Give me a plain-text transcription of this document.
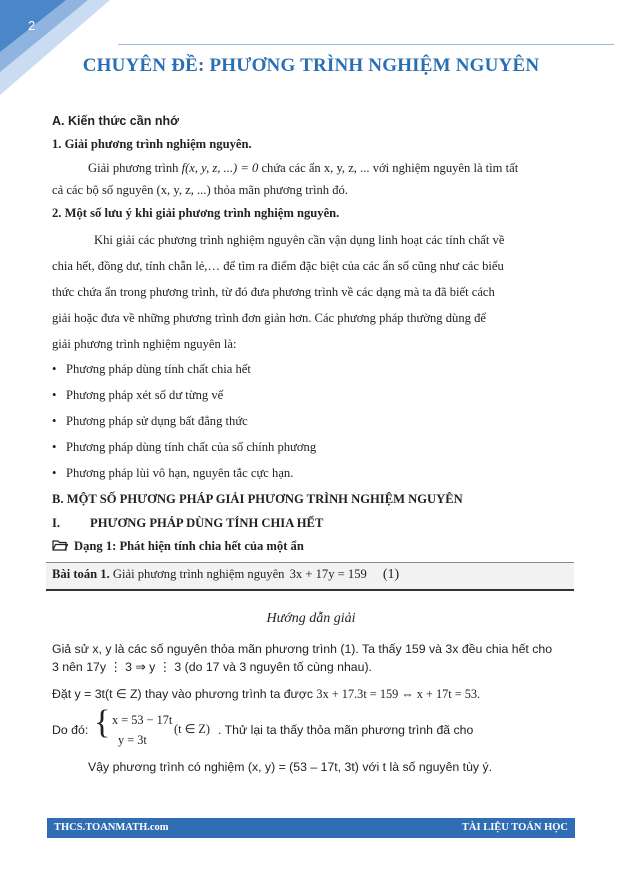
2
CHUYÊN ĐỀ: PHƯƠNG TRÌNH NGHIỆM NGUYÊN
A. Kiến thức cần nhớ
1. Giải phương trình nghiệm nguyên.
Giải phương trình f(x, y, z, ...) = 0 chứa các ẩn x, y, z, ... với nghiệm nguyên là tìm tất
cả các bộ số nguyên (x, y, z, ...) thỏa mãn phương trình đó.
2. Một số lưu ý khi giải phương trình nghiệm nguyên.
Khi giải các phương trình nghiệm nguyên cần vận dụng linh hoạt các tính chất về
chia hết, đồng dư, tính chẵn lẻ,… để tìm ra điểm đặc biệt của các ẩn số cũng như các biểu
thức chứa ẩn trong phương trình, từ đó đưa phương trình về các dạng mà ta đã biết cách
giải hoặc đưa về những phương trình đơn giản hơn. Các phương pháp thường dùng để
giải phương trình nghiệm nguyên là:
• Phương pháp dùng tính chất chia hết
• Phương pháp xét số dư từng vế
• Phương pháp sử dụng bất đẳng thức
• Phương pháp dùng tính chất của số chính phương
• Phương pháp lùi vô hạn, nguyên tắc cực hạn.
B. MỘT SỐ PHƯƠNG PHÁP GIẢI PHƯƠNG TRÌNH NGHIỆM NGUYÊN
I. PHƯƠNG PHÁP DÙNG TÍNH CHIA HẾT
Dạng 1: Phát hiện tính chia hết của một ẩn
Bài toán 1. Giải phương trình nghiệm nguyên 3x + 17y = 159 (1)
Hướng dẫn giải
Giả sử x, y là các số nguyên thỏa mãn phương trình (1). Ta thấy 159 và 3x đều chia hết cho
3 nên 17y ⋮ 3 ⇒ y ⋮ 3 (do 17 và 3 nguyên tố cùng nhau).
Đặt y = 3t(t ∈ Z) thay vào phương trình ta được 3x + 17.3t = 159 ⇔ x + 17t = 53.
Do đó: { x = 53 − 17t
y = 3t
(t ∈ Z) . Thử lại ta thấy thỏa mãn phương trình đã cho
Vậy phương trình có nghiệm (x, y) = (53 – 17t, 3t) với t là số nguyên tùy ý.
THCS.TOANMATH.com	TÀI LIỆU TOÁN HỌC
